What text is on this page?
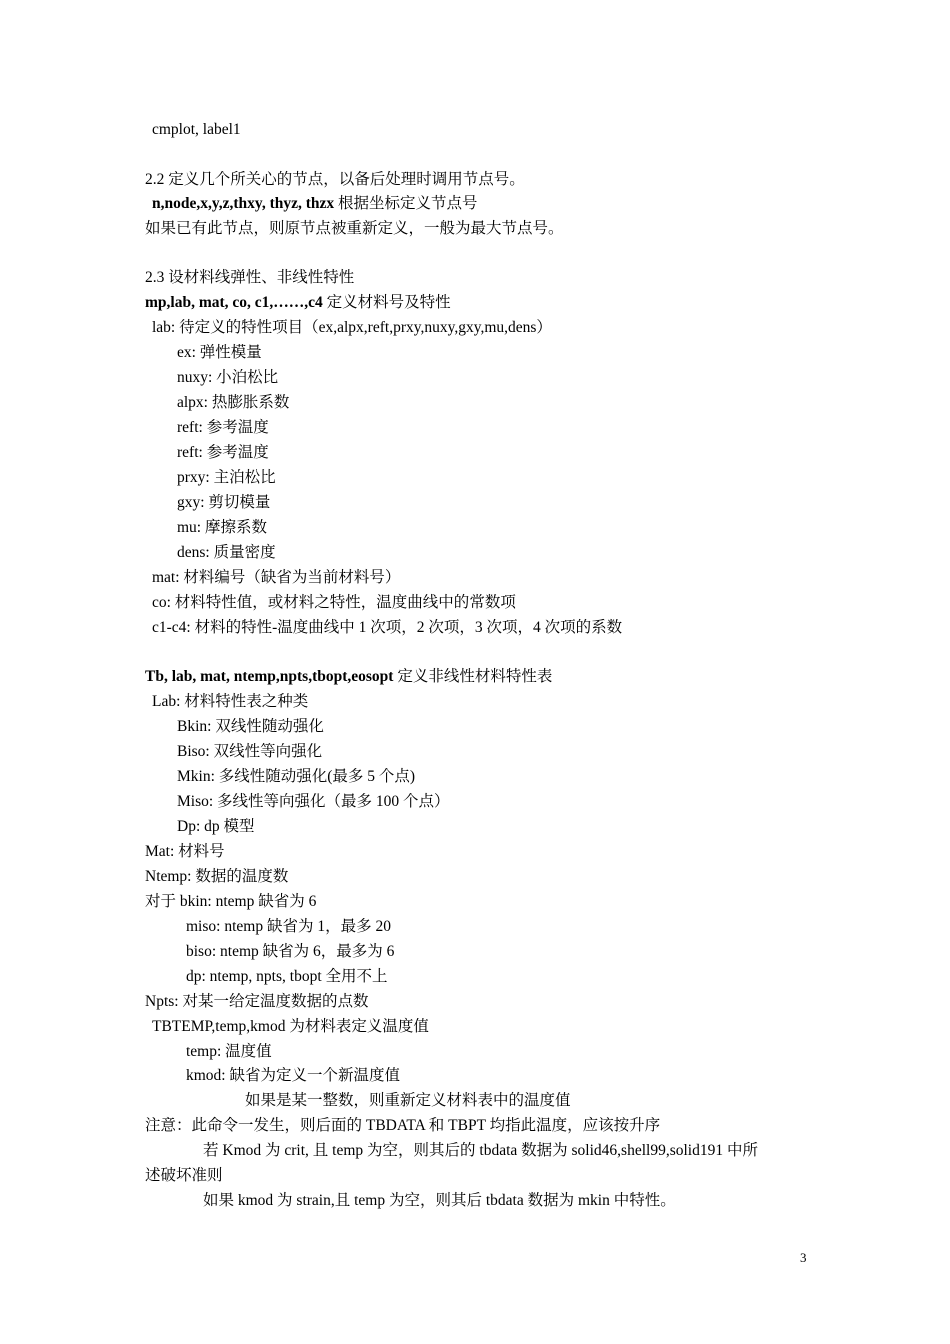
cmplot, label1
2.2 定义几个所关心的节点，以备后处理时调用节点号。
n,node,x,y,z,thxy, thyz, thzx 根据坐标定义节点号
如果已有此节点，则原节点被重新定义，一般为最大节点号。
2.3 设材料线弹性、非线性特性
mp,lab, mat, co, c1,……,c4 定义材料号及特性
lab: 待定义的特性项目（ex,alpx,reft,prxy,nuxy,gxy,mu,dens）
ex: 弹性模量
nuxy: 小泊松比
alpx: 热膨胀系数
reft: 参考温度
reft: 参考温度
prxy: 主泊松比
gxy: 剪切模量
mu: 摩擦系数
dens: 质量密度
mat: 材料编号（缺省为当前材料号）
co: 材料特性值，或材料之特性，温度曲线中的常数项
c1-c4: 材料的特性-温度曲线中 1 次项，2 次项，3 次项，4 次项的系数
Tb, lab, mat, ntemp,npts,tbopt,eosopt 定义非线性材料特性表
Lab: 材料特性表之种类
Bkin: 双线性随动强化
Biso: 双线性等向强化
Mkin: 多线性随动强化(最多 5 个点)
Miso: 多线性等向强化（最多 100 个点）
Dp: dp 模型
Mat: 材料号
Ntemp: 数据的温度数
对于 bkin: ntemp 缺省为 6
miso: ntemp 缺省为 1，最多 20
biso: ntemp 缺省为 6，最多为 6
dp: ntemp, npts, tbopt 全用不上
Npts: 对某一给定温度数据的点数
TBTEMP,temp,kmod 为材料表定义温度值
temp: 温度值
kmod: 缺省为定义一个新温度值
如果是某一整数，则重新定义材料表中的温度值
注意：此命令一发生，则后面的 TBDATA 和 TBPT 均指此温度，应该按升序
若 Kmod 为 crit, 且 temp 为空，则其后的 tbdata 数据为 solid46,shell99,solid191 中所
述破坏准则
如果 kmod 为 strain,且 temp 为空，则其后 tbdata 数据为 mkin 中特性。
3
